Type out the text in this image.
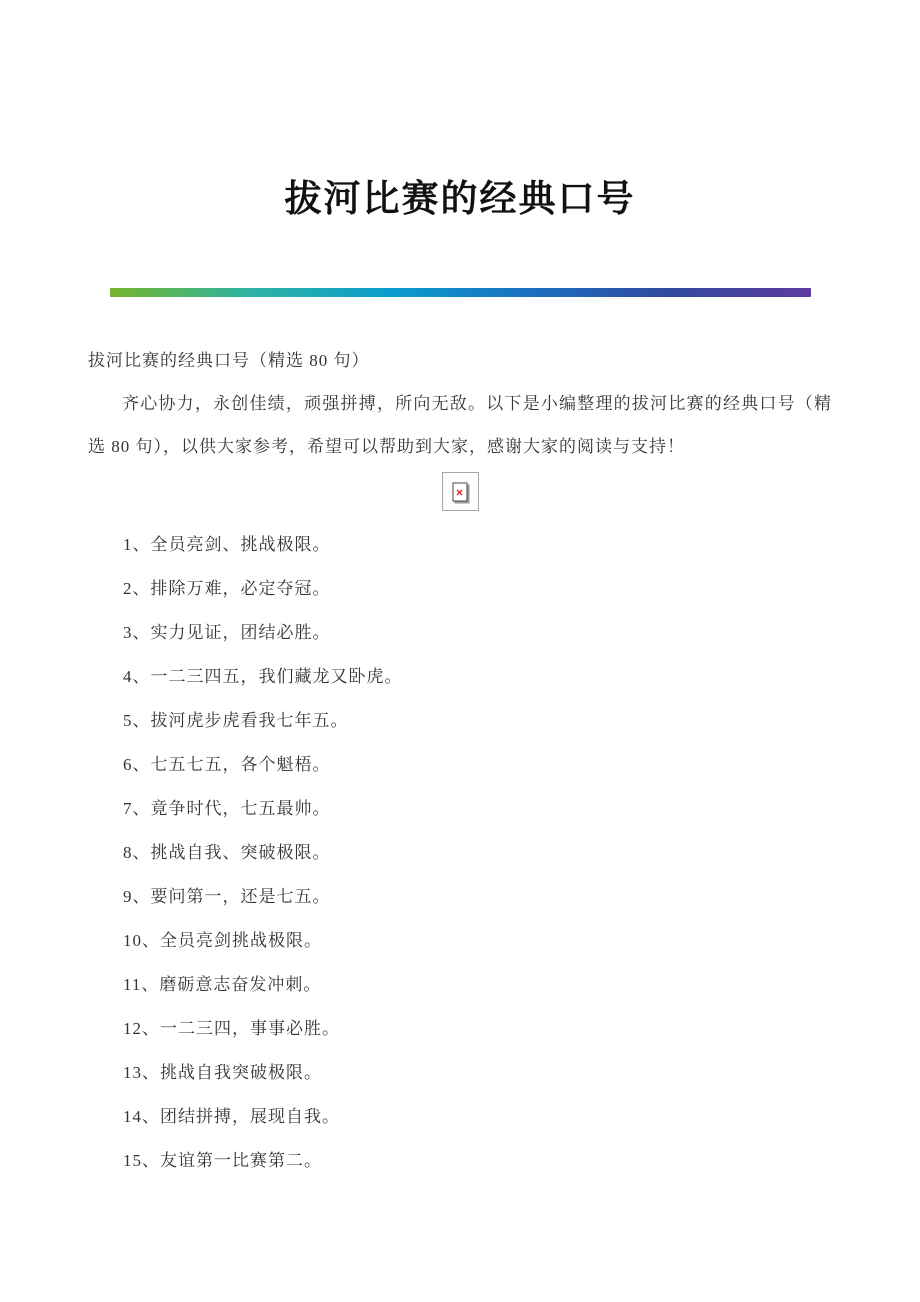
拔河比赛的经典口号

拔河比赛的经典口号（精选 80 句）

齐心协力，永创佳绩，顽强拼搏，所向无敌。以下是小编整理的拔河比赛的经典口号（精选 80 句），以供大家参考，希望可以帮助到大家，感谢大家的阅读与支持！

×
1、全员亮剑、挑战极限。
2、排除万难，必定夺冠。
3、实力见证，团结必胜。
4、一二三四五，我们藏龙又卧虎。
5、拔河虎步虎看我七年五。
6、七五七五，各个魁梧。
7、竟争时代，七五最帅。
8、挑战自我、突破极限。
9、要问第一，还是七五。
10、全员亮剑挑战极限。
11、磨砺意志奋发冲刺。
12、一二三四，事事必胜。
13、挑战自我突破极限。
14、团结拼搏，展现自我。
15、友谊第一比赛第二。
